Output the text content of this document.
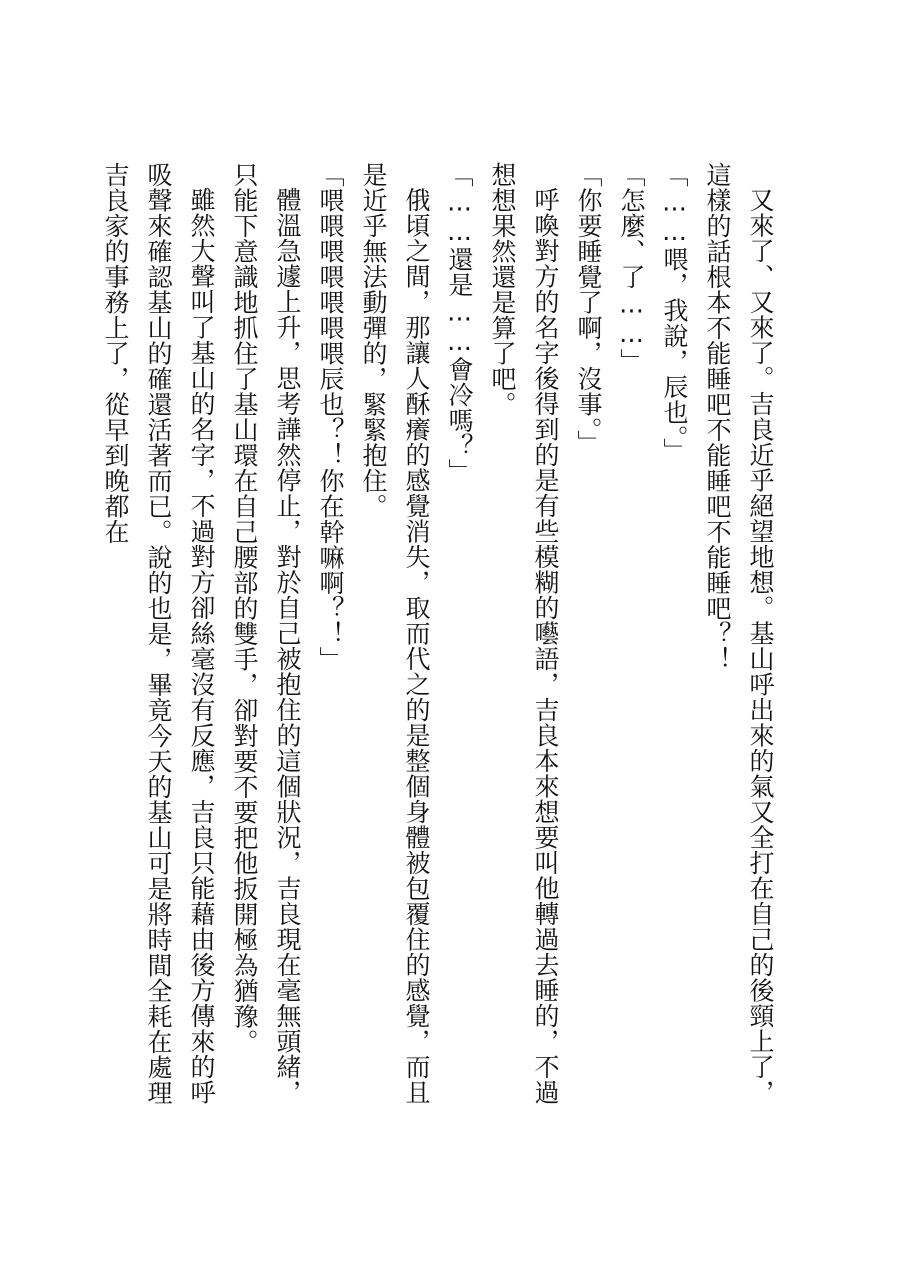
又來了、又來了。吉良近乎絕望地想。基山呼出來的氣又全打在自己的後頸上了，這樣的話根本不能睡吧不能睡吧不能睡吧？！

「……喂，我說，辰也。」

「怎麼、了……」

「你要睡覺了啊，沒事。」

呼喚對方的名字後得到的是有些模糊的囈語，吉良本來想要叫他轉過去睡的，不過想想果然還是算了吧。

「……還是……會冷嗎？」

俄頃之間，那讓人酥癢的感覺消失，取而代之的是整個身體被包覆住的感覺，而且是近乎無法動彈的，緊緊抱住。

「喂喂喂喂喂喂喂辰也？！你在幹嘛啊？！」

體溫急遽上升，思考譁然停止，對於自己被抱住的這個狀況，吉良現在毫無頭緒，只能下意識地抓住了基山環在自己腰部的雙手，卻對要不要把他扳開極為猶豫。

雖然大聲叫了基山的名字，不過對方卻絲毫沒有反應，吉良只能藉由後方傳來的呼吸聲來確認基山的確還活著而已。說的也是，畢竟今天的基山可是將時間全耗在處理吉良家的事務上了，從早到晚都在
